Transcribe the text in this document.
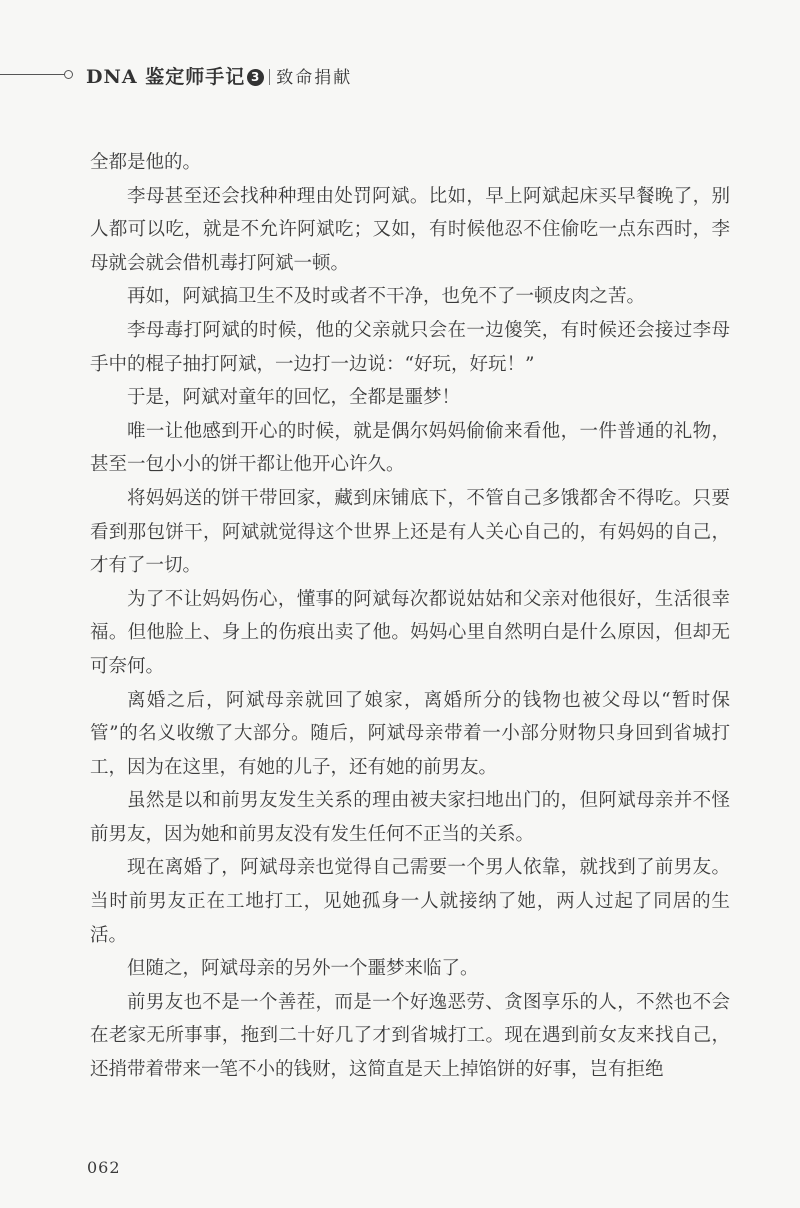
DNA 鉴定师手记 3 致命捐献

全都是他的。

李母甚至还会找种种理由处罚阿斌。比如，早上阿斌起床买早餐晚了，别人都可以吃，就是不允许阿斌吃；又如，有时候他忍不住偷吃一点东西时，李母就会就会借机毒打阿斌一顿。

再如，阿斌搞卫生不及时或者不干净，也免不了一顿皮肉之苦。

李母毒打阿斌的时候，他的父亲就只会在一边傻笑，有时候还会接过李母手中的棍子抽打阿斌，一边打一边说：“好玩，好玩！”

于是，阿斌对童年的回忆，全都是噩梦！

唯一让他感到开心的时候，就是偶尔妈妈偷偷来看他，一件普通的礼物，甚至一包小小的饼干都让他开心许久。

将妈妈送的饼干带回家，藏到床铺底下，不管自己多饿都舍不得吃。只要看到那包饼干，阿斌就觉得这个世界上还是有人关心自己的，有妈妈的自己，才有了一切。

为了不让妈妈伤心，懂事的阿斌每次都说姑姑和父亲对他很好，生活很幸福。但他脸上、身上的伤痕出卖了他。妈妈心里自然明白是什么原因，但却无可奈何。

离婚之后，阿斌母亲就回了娘家，离婚所分的钱物也被父母以“暂时保管”的名义收缴了大部分。随后，阿斌母亲带着一小部分财物只身回到省城打工，因为在这里，有她的儿子，还有她的前男友。

虽然是以和前男友发生关系的理由被夫家扫地出门的，但阿斌母亲并不怪前男友，因为她和前男友没有发生任何不正当的关系。

现在离婚了，阿斌母亲也觉得自己需要一个男人依靠，就找到了前男友。当时前男友正在工地打工，见她孤身一人就接纳了她，两人过起了同居的生活。

但随之，阿斌母亲的另外一个噩梦来临了。

前男友也不是一个善茬，而是一个好逸恶劳、贪图享乐的人，不然也不会在老家无所事事，拖到二十好几了才到省城打工。现在遇到前女友来找自己，还捎带着带来一笔不小的钱财，这简直是天上掉馅饼的好事，岂有拒绝

062
